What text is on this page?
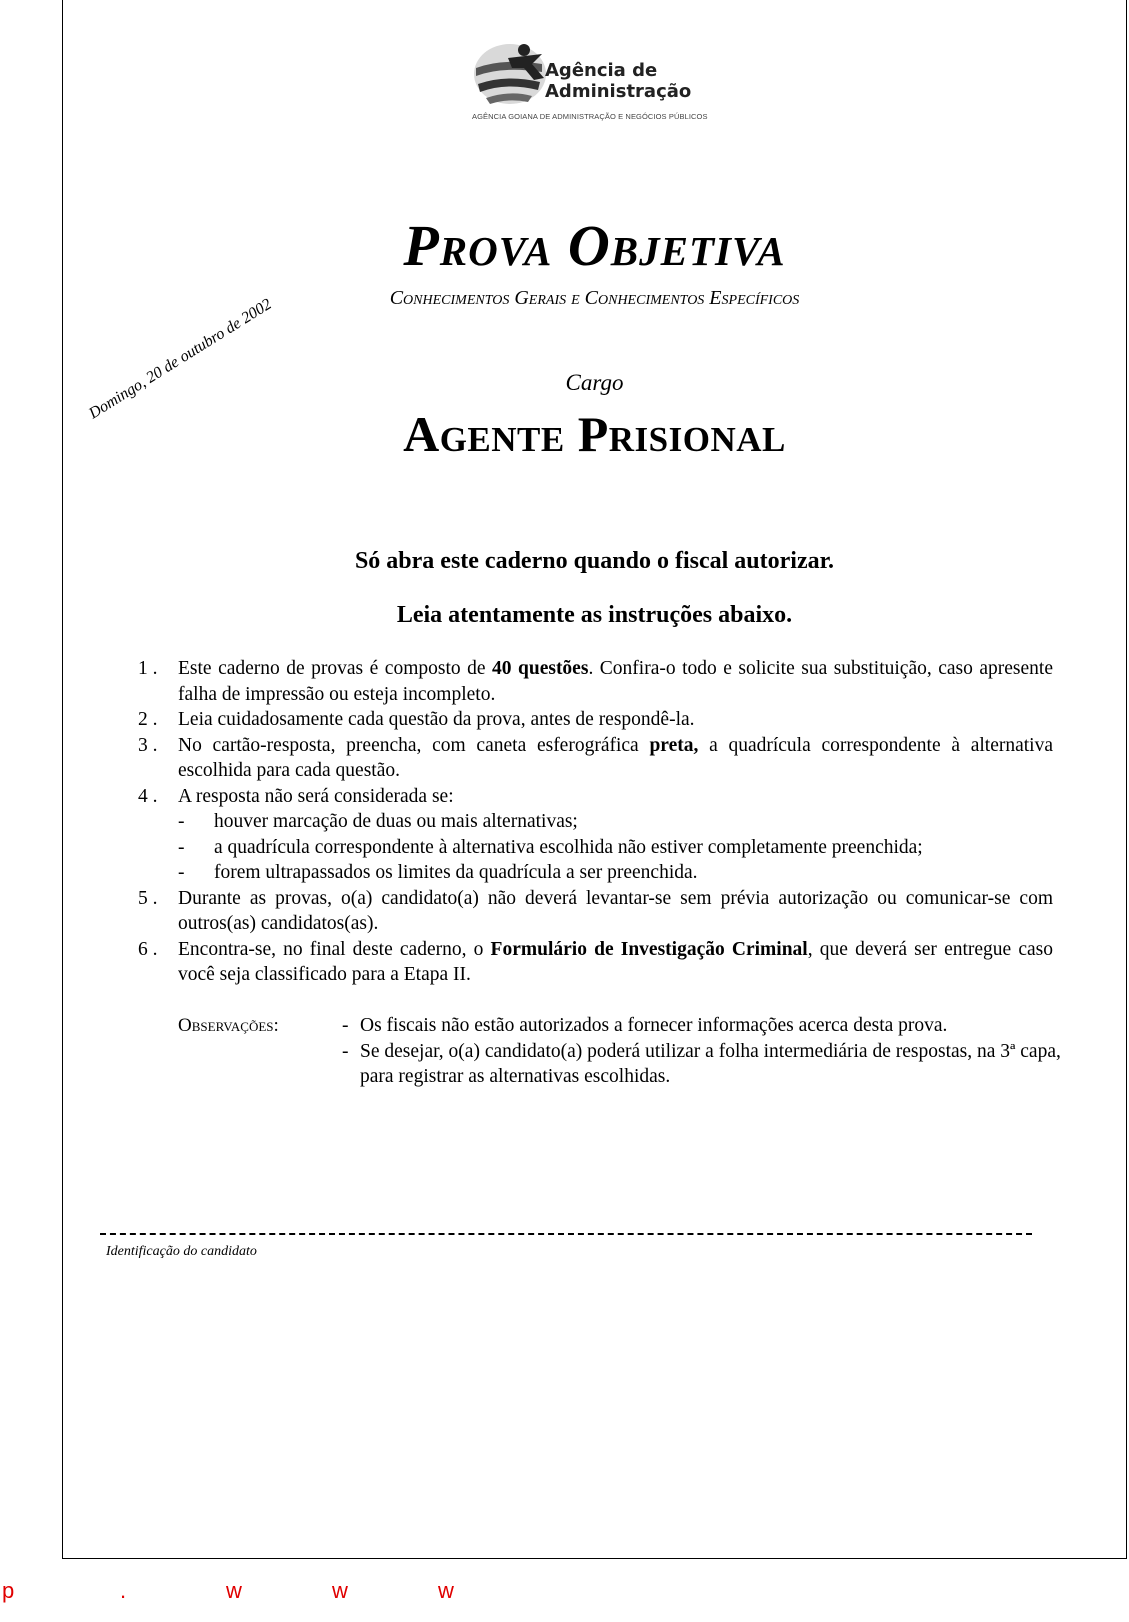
Agência de
Administração
AGÊNCIA GOIANA DE ADMINISTRAÇÃO E NEGÓCIOS PÚBLICOS
Prova Objetiva
Conhecimentos Gerais e Conhecimentos Específicos
Domingo, 20 de outubro de 2002	Cargo
Agente Prisional
Só abra este caderno quando o fiscal autorizar.
Leia atentamente as instruções abaixo.
1 .	Este caderno de provas é composto de 40 questões. Confira-o todo e solicite sua substituição, caso apresente falha de impressão ou esteja incompleto.
2 .	Leia cuidadosamente cada questão da prova, antes de respondê-la.
3 .	No cartão-resposta, preencha, com caneta esferográfica preta, a quadrícula correspondente à alternativa escolhida para cada questão.
4 .	A resposta não será considerada se:
-	houver marcação de duas ou mais alternativas;
-	a quadrícula correspondente à alternativa escolhida não estiver completamente preenchida;
-	forem ultrapassados os limites da quadrícula a ser preenchida.
5 .	Durante as provas, o(a) candidato(a) não deverá levantar-se sem prévia autorização ou comunicar-se com outros(as) candidatos(as).
6 .	Encontra-se, no final deste caderno, o Formulário de Investigação Criminal, que deverá ser entregue caso você seja classificado para a Etapa II.
Observações:	- Os fiscais não estão autorizados a fornecer informações acerca desta prova.
- Se desejar, o(a) candidato(a) poderá utilizar a folha intermediária de respostas, na 3ª capa, para registrar as alternativas escolhidas.
Identificação do candidato
p	.	w	w	w
